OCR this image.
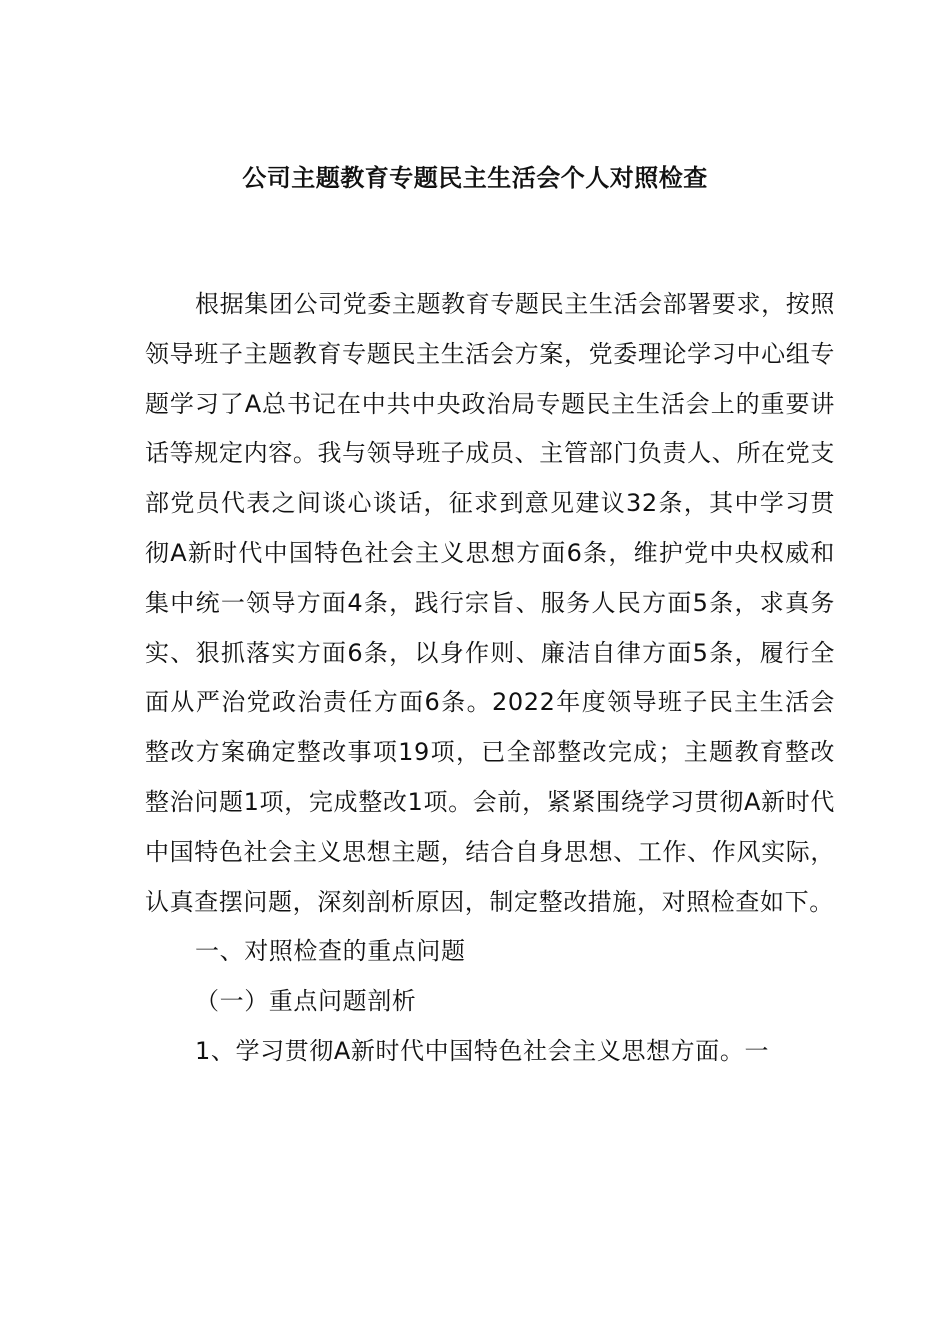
公司主题教育专题民主生活会个人对照检查

根据集团公司党委主题教育专题民主生活会部署要求，按照领导班子主题教育专题民主生活会方案，党委理论学习中心组专题学习了A总书记在中共中央政治局专题民主生活会上的重要讲话等规定内容。我与领导班子成员、主管部门负责人、所在党支部党员代表之间谈心谈话，征求到意见建议32条，其中学习贯彻A新时代中国特色社会主义思想方面6条，维护党中央权威和集中统一领导方面4条，践行宗旨、服务人民方面5条，求真务实、狠抓落实方面6条，以身作则、廉洁自律方面5条，履行全面从严治党政治责任方面6条。2022年度领导班子民主生活会整改方案确定整改事项19项，已全部整改完成；主题教育整改整治问题1项，完成整改1项。会前，紧紧围绕学习贯彻A新时代中国特色社会主义思想主题，结合自身思想、工作、作风实际，认真查摆问题，深刻剖析原因，制定整改措施，对照检查如下。

一、对照检查的重点问题

（一）重点问题剖析

1、学习贯彻A新时代中国特色社会主义思想方面。一
